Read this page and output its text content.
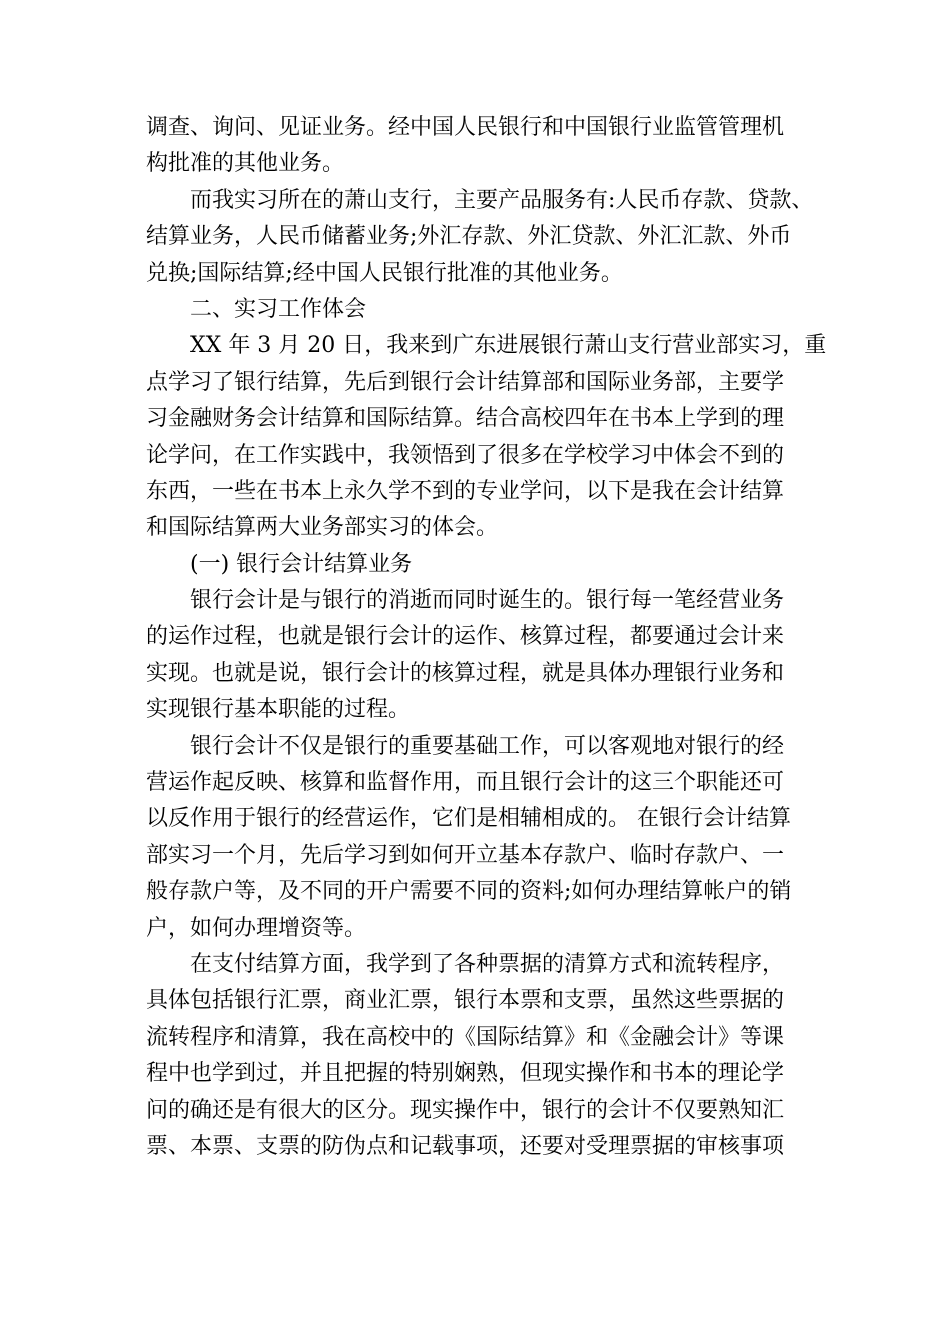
调查、询问、见证业务。经中国人民银行和中国银行业监管管理机
构批准的其他业务。
而我实习所在的萧山支行，主要产品服务有:人民币存款、贷款、
结算业务，人民币储蓄业务;外汇存款、外汇贷款、外汇汇款、外币
兑换;国际结算;经中国人民银行批准的其他业务。
二、实习工作体会
XX 年 3 月 20 日，我来到广东进展银行萧山支行营业部实习，重
点学习了银行结算，先后到银行会计结算部和国际业务部，主要学
习金融财务会计结算和国际结算。结合高校四年在书本上学到的理
论学问，在工作实践中，我领悟到了很多在学校学习中体会不到的
东西，一些在书本上永久学不到的专业学问，以下是我在会计结算
和国际结算两大业务部实习的体会。
(一) 银行会计结算业务
银行会计是与银行的消逝而同时诞生的。银行每一笔经营业务
的运作过程，也就是银行会计的运作、核算过程，都要通过会计来
实现。也就是说，银行会计的核算过程，就是具体办理银行业务和
实现银行基本职能的过程。
银行会计不仅是银行的重要基础工作，可以客观地对银行的经
营运作起反映、核算和监督作用，而且银行会计的这三个职能还可
以反作用于银行的经营运作，它们是相辅相成的。 在银行会计结算
部实习一个月，先后学习到如何开立基本存款户、临时存款户、一
般存款户等，及不同的开户需要不同的资料;如何办理结算帐户的销
户，如何办理增资等。
在支付结算方面，我学到了各种票据的清算方式和流转程序，
具体包括银行汇票，商业汇票，银行本票和支票，虽然这些票据的
流转程序和清算，我在高校中的《国际结算》和《金融会计》等课
程中也学到过，并且把握的特别娴熟，但现实操作和书本的理论学
问的确还是有很大的区分。现实操作中，银行的会计不仅要熟知汇
票、本票、支票的防伪点和记载事项，还要对受理票据的审核事项
